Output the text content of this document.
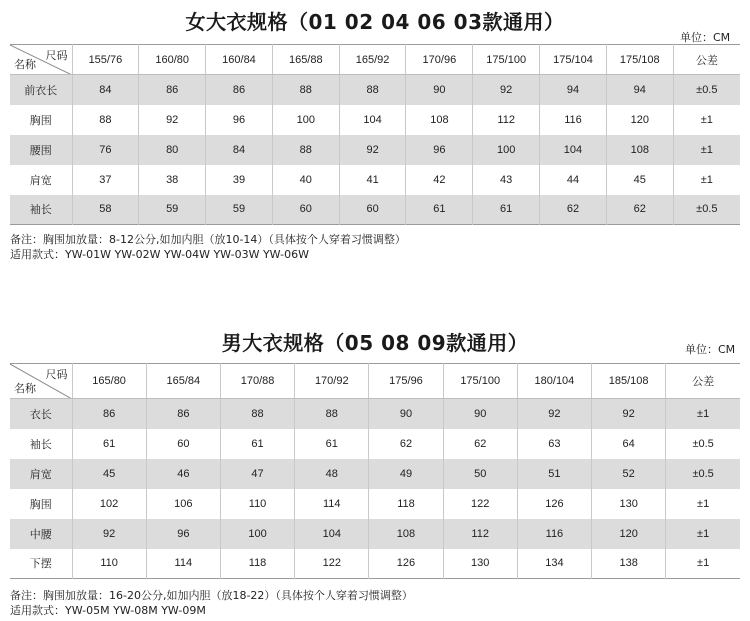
女大衣规格（01 02 04 06 03款通用）
单位：CM
尺码
名称	155/76	160/80	160/84	165/88	165/92	170/96	175/100	175/104	175/108	公差
前衣长	84	86	86	88	88	90	92	94	94	±0.5
胸围	88	92	96	100	104	108	112	116	120	±1
腰围	76	80	84	88	92	96	100	104	108	±1
肩宽	37	38	39	40	41	42	43	44	45	±1
袖长	58	59	59	60	60	61	61	62	62	±0.5
备注：胸围加放量：8-12公分,如加内胆（放10-14）（具体按个人穿着习惯调整）
适用款式：YW-01W YW-02W YW-04W YW-03W YW-06W
男大衣规格（05 08 09款通用）	单位：CM
尺码
名称	165/80	165/84	170/88	170/92	175/96	175/100	180/104	185/108	公差
衣长	86	86	88	88	90	90	92	92	±1
袖长	61	60	61	61	62	62	63	64	±0.5
肩宽	45	46	47	48	49	50	51	52	±0.5
胸围	102	106	110	114	118	122	126	130	±1
中腰	92	96	100	104	108	112	116	120	±1
下摆	110	114	118	122	126	130	134	138	±1
备注：胸围加放量：16-20公分,如加内胆（放18-22）（具体按个人穿着习惯调整）
适用款式：YW-05M YW-08M YW-09M
